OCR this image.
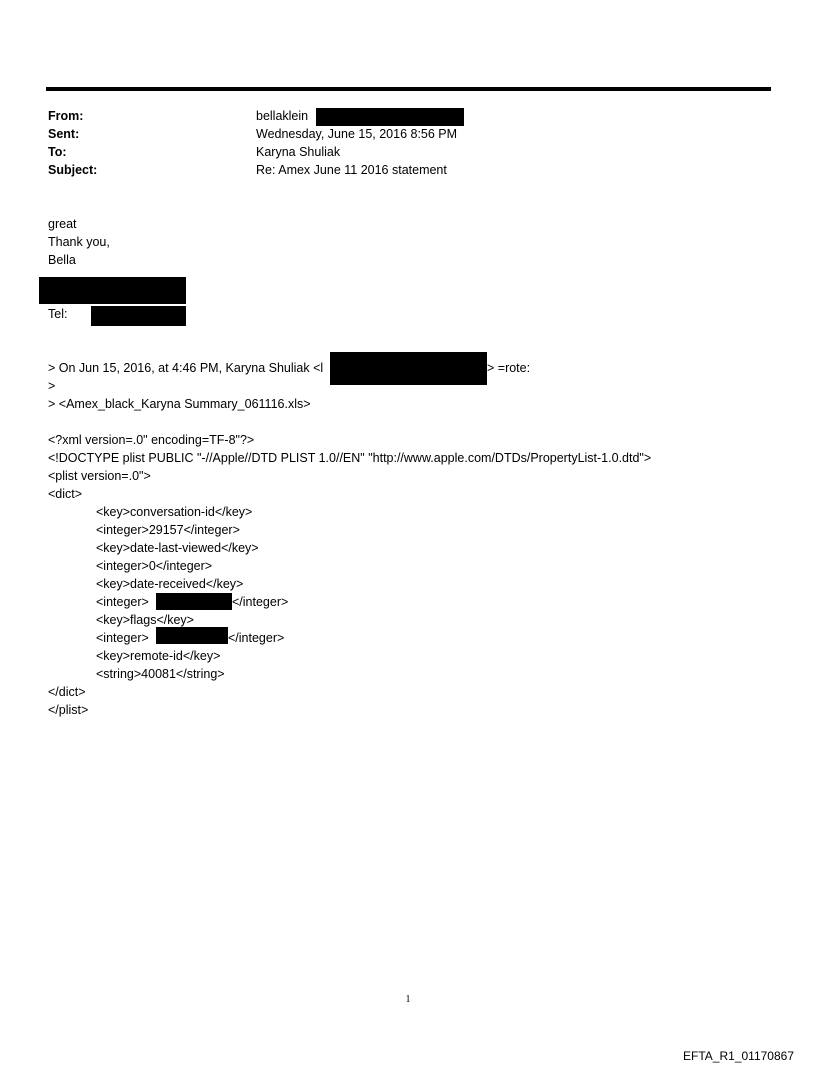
From:	bellaklein
Sent:	Wednesday, June 15, 2016 8:56 PM
To:	Karyna Shuliak
Subject:	Re: Amex June 11 2016 statement
great
Thank you,
Bella
Tel:
> On Jun 15, 2016, at 4:46 PM, Karyna Shuliak <l	> =rote:
>
> <Amex_black_Karyna Summary_061116.xls>
<?xml version=.0" encoding=TF-8"?>
<!DOCTYPE plist PUBLIC "-//Apple//DTD PLIST 1.0//EN" "http://www.apple.com/DTDs/PropertyList-1.0.dtd">
<plist version=.0">
<dict>
<key>conversation-id</key>
<integer>29157</integer>
<key>date-last-viewed</key>
<integer>0</integer>
<key>date-received</key>
<integer>	</integer>
<key>flags</key>
<integer>	</integer>
<key>remote-id</key>
<string>40081</string>
</dict>
</plist>
1
EFTA_R1_01170867
